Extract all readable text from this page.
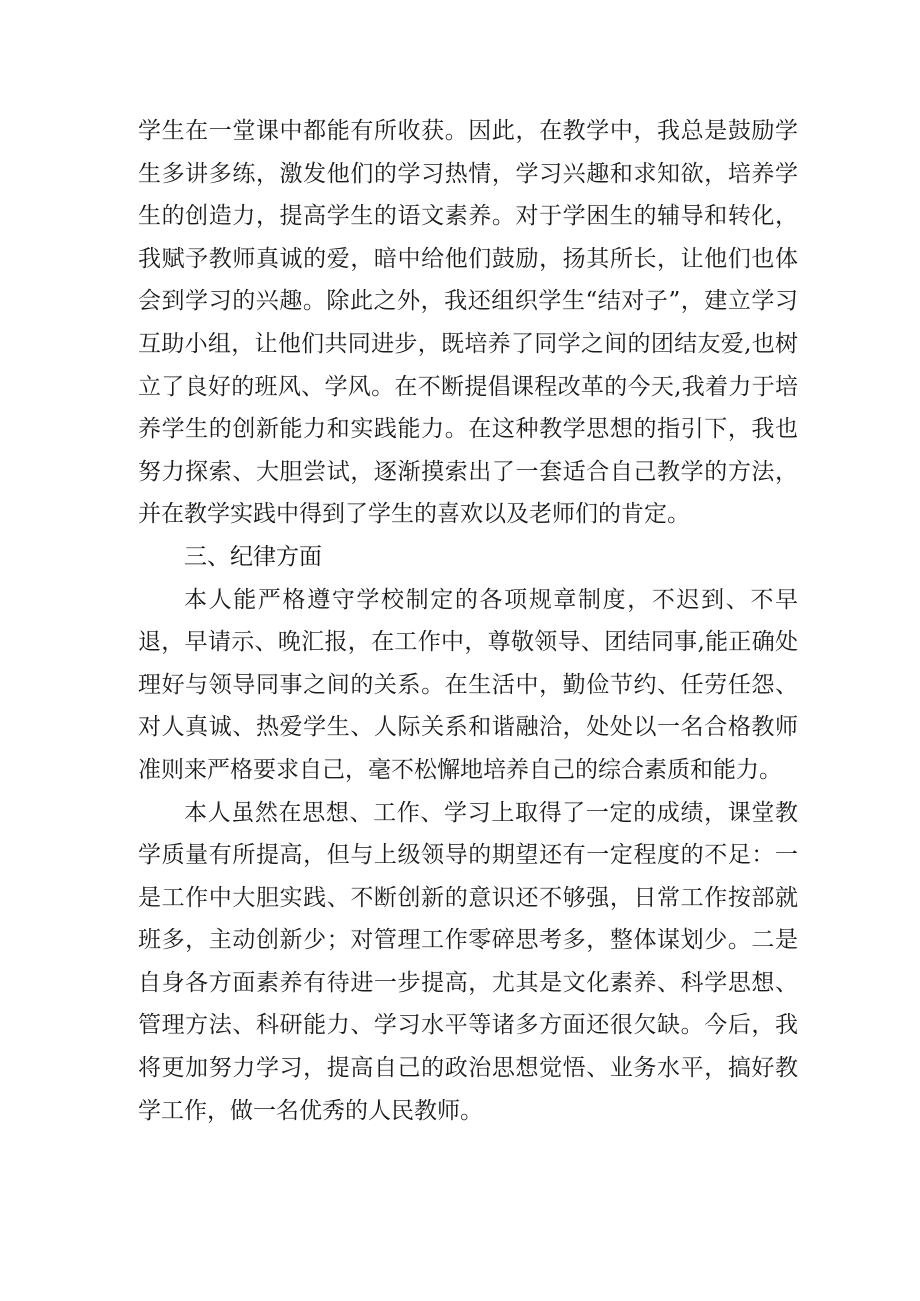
学生在一堂课中都能有所收获。因此，在教学中，我总是鼓励学生多讲多练，激发他们的学习热情，学习兴趣和求知欲，培养学生的创造力，提高学生的语文素养。对于学困生的辅导和转化，我赋予教师真诚的爱，暗中给他们鼓励，扬其所长，让他们也体会到学习的兴趣。除此之外，我还组织学生“结对子”，建立学习互助小组，让他们共同进步，既培养了同学之间的团结友爱,也树立了良好的班风、学风。在不断提倡课程改革的今天,我着力于培养学生的创新能力和实践能力。在这种教学思想的指引下，我也努力探索、大胆尝试，逐渐摸索出了一套适合自己教学的方法，并在教学实践中得到了学生的喜欢以及老师们的肯定。

三、纪律方面

本人能严格遵守学校制定的各项规章制度，不迟到、不早退，早请示、晚汇报，在工作中，尊敬领导、团结同事,能正确处理好与领导同事之间的关系。在生活中，勤俭节约、任劳任怨、对人真诚、热爱学生、人际关系和谐融洽，处处以一名合格教师准则来严格要求自己，毫不松懈地培养自己的综合素质和能力。

本人虽然在思想、工作、学习上取得了一定的成绩，课堂教学质量有所提高，但与上级领导的期望还有一定程度的不足：一是工作中大胆实践、不断创新的意识还不够强，日常工作按部就班多，主动创新少；对管理工作零碎思考多，整体谋划少。二是自身各方面素养有待进一步提高，尤其是文化素养、科学思想、管理方法、科研能力、学习水平等诸多方面还很欠缺。今后，我将更加努力学习，提高自己的政治思想觉悟、业务水平，搞好教学工作，做一名优秀的人民教师。
